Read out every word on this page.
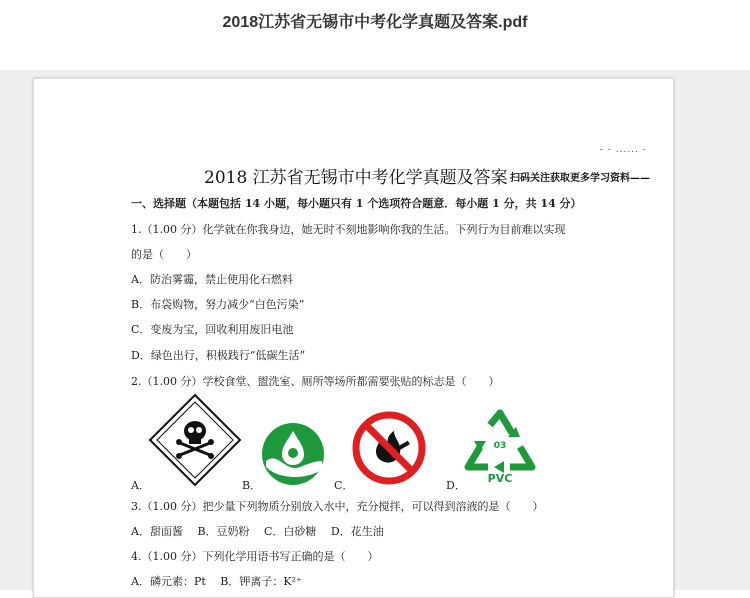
2018江苏省无锡市中考化学真题及答案.pdf
- - ...... -
2018 江苏省无锡市中考化学真题及答案 扫码关注获取更多学习资料——
一、选择题（本题包括 14 小题，每小题只有 1 个选项符合题意．每小题 1 分，共 14 分）
1.（1.00 分）化学就在你我身边，她无时不刻地影响你我的生活。下列行为目前难以实现
的是（　　）
A．防治雾霾，禁止使用化石燃料
B．布袋购物，努力减少“白色污染”
C．变废为宝，回收利用废旧电池
D．绿色出行，积极践行“低碳生活”
2.（1.00 分）学校食堂、盥洗室、厕所等场所都需要张贴的标志是（　　）
A．	B．	C．
03
PVC
D．
3.（1.00 分）把少量下列物质分别放入水中，充分搅拌，可以得到溶液的是（　　）
A．甜面酱　 B．豆奶粉　 C．白砂糖　 D．花生油
4.（1.00 分）下列化学用语书写正确的是（　　）
A．磷元素：Pt　 B．钾离子：K²⁺
